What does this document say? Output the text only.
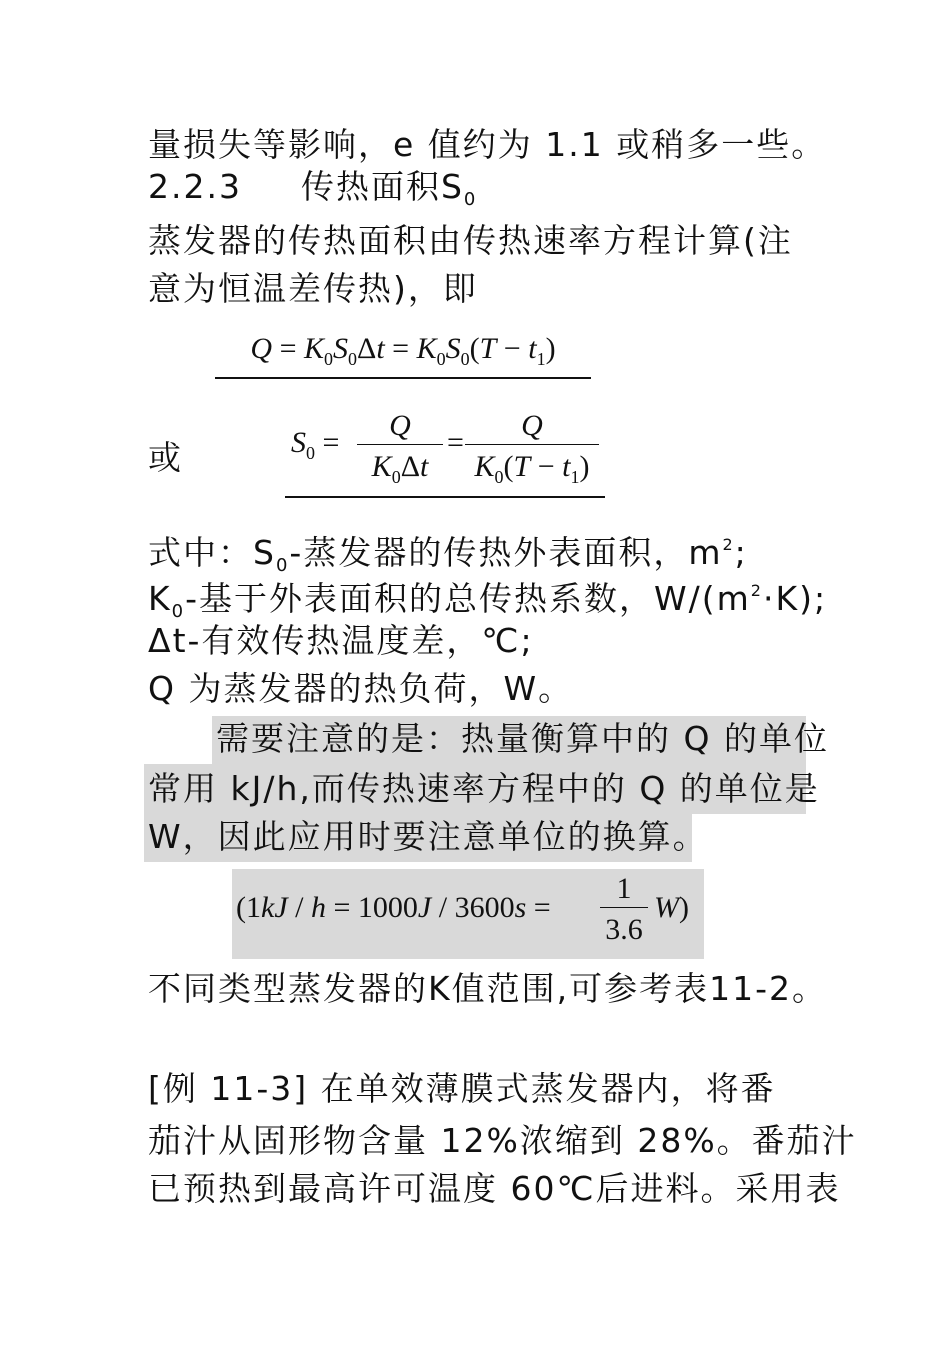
量损失等影响，e 值约为 1.1 或稍多一些。
2.2.3 传热面积$S_0$
蒸发器的传热面积由传热速率方程计算(注
意为恒温差传热)，即
$Q = K_0S_0\Delta t = K_0S_0(T - t_1)$
或	$S_0 = \frac{Q}{K_0\Delta t} = \frac{Q}{K_0(T - t_1)}$
式中：$S_0-$蒸发器的传热外表面积，$m^2$;
$K_0-$基于外表面积的总传热系数，$W/(m^2\cdot K)$;
Δt-有效传热温度差，℃;
Q 为蒸发器的热负荷，W。
需要注意的是：热量衡算中的 Q 的单位
常用 kJ/h,而传热速率方程中的 Q 的单位是
W，因此应用时要注意单位的换算。
$(1kJ / h = 1000J / 3600s = \frac{1}{3.6} W)$
不同类型蒸发器的K值范围,可参考表11-2。
[例 11-3] 在单效薄膜式蒸发器内，将番
茄汁从固形物含量 12%浓缩到 28%。番茄汁
已预热到最高许可温度 60℃后进料。采用表
